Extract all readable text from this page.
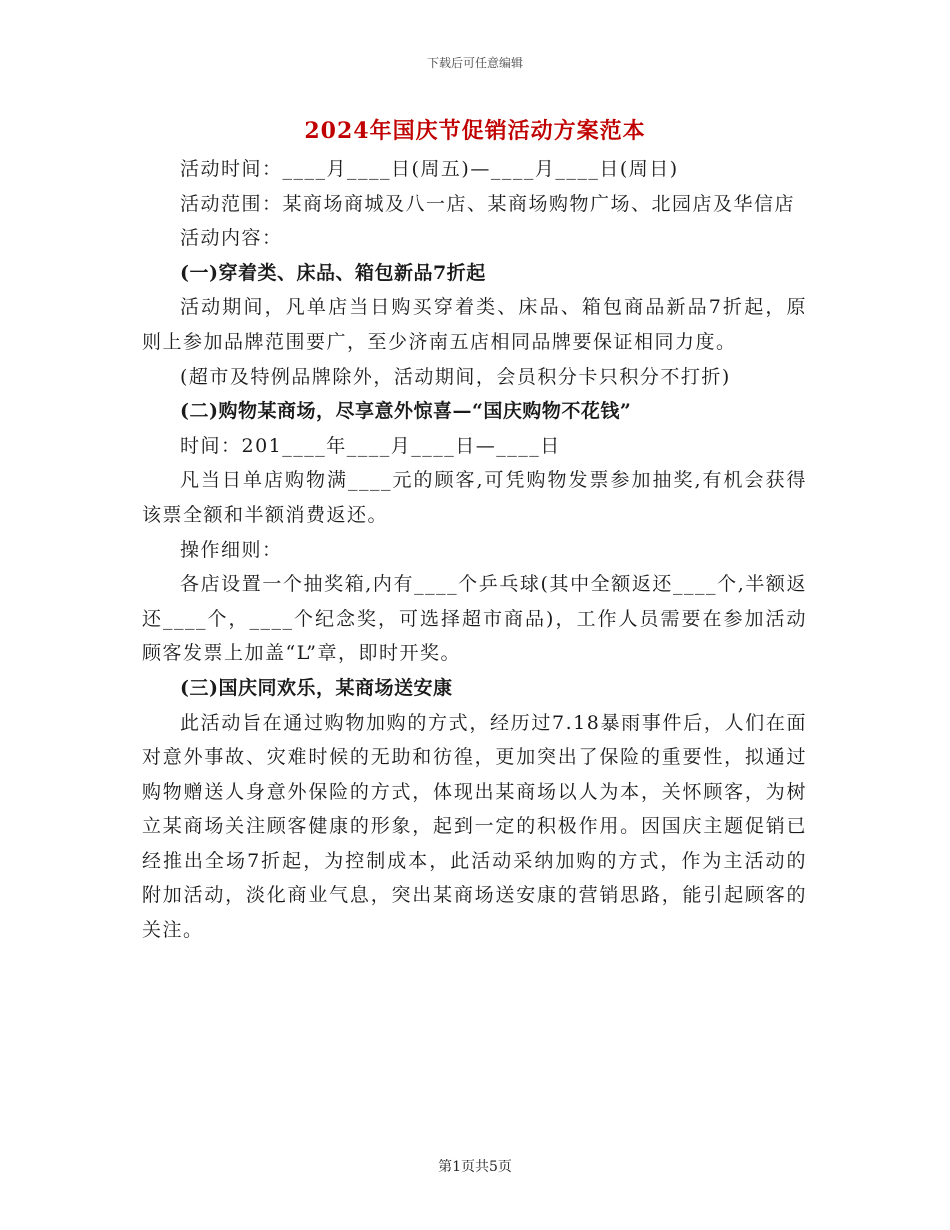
下载后可任意编辑
2024年国庆节促销活动方案范本

活动时间：____月____日(周五)—____月____日(周日)

活动范围：某商场商城及八一店、某商场购物广场、北园店及华信店

活动内容：

(一)穿着类、床品、箱包新品7折起

活动期间，凡单店当日购买穿着类、床品、箱包商品新品7折起，原则上参加品牌范围要广，至少济南五店相同品牌要保证相同力度。

(超市及特例品牌除外，活动期间，会员积分卡只积分不打折)

(二)购物某商场，尽享意外惊喜—“国庆购物不花钱”

时间：201____年____月____日—____日

凡当日单店购物满____元的顾客,可凭购物发票参加抽奖,有机会获得该票全额和半额消费返还。

操作细则：

各店设置一个抽奖箱,内有____个乒乓球(其中全额返还____个,半额返还____个，____个纪念奖，可选择超市商品)，工作人员需要在参加活动顾客发票上加盖“L”章，即时开奖。

(三)国庆同欢乐，某商场送安康

此活动旨在通过购物加购的方式，经历过7.18暴雨事件后，人们在面对意外事故、灾难时候的无助和彷徨，更加突出了保险的重要性，拟通过购物赠送人身意外保险的方式，体现出某商场以人为本，关怀顾客，为树立某商场关注顾客健康的形象，起到一定的积极作用。因国庆主题促销已经推出全场7折起，为控制成本，此活动采纳加购的方式，作为主活动的附加活动，淡化商业气息，突出某商场送安康的营销思路，能引起顾客的关注。

第1页共5页
